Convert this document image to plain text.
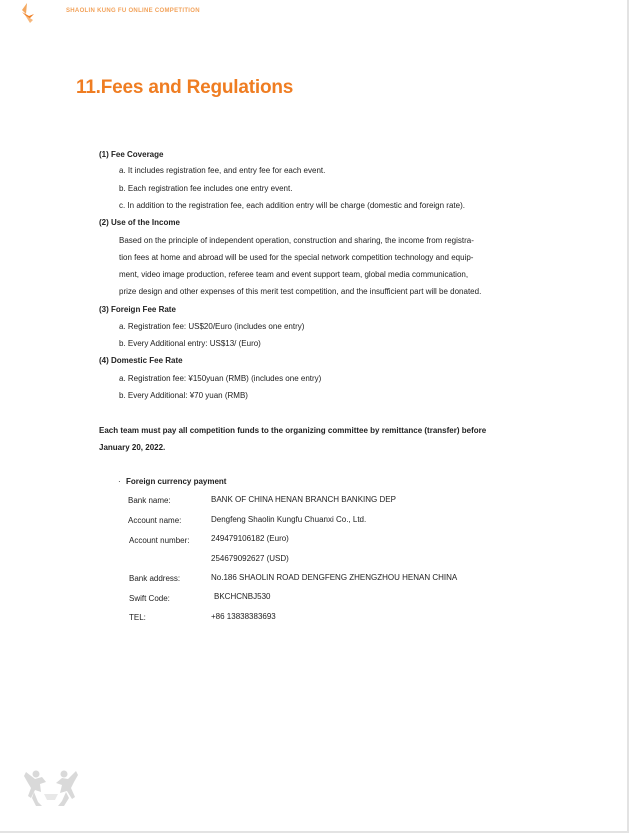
SHAOLIN KUNG FU ONLINE COMPETITION
11.Fees and Regulations
(1) Fee Coverage
a. It includes registration fee, and entry fee for each event.
b. Each registration fee includes one entry event.
c. In addition to the registration fee, each addition entry will be charge (domestic and foreign rate).
(2) Use of the Income
Based on the principle of independent operation, construction and sharing, the income from registra-
tion fees at home and abroad will be used for the special network competition technology and equip-
ment, video image production, referee team and event support team, global media communication,
prize design and other expenses of this merit test competition, and the insufficient part will be donated.
(3) Foreign Fee Rate
a. Registration fee: US$20/Euro (includes one entry)
b. Every Additional entry: US$13/ (Euro)
(4) Domestic Fee Rate
a. Registration fee: ¥150yuan (RMB) (includes one entry)
b. Every Additional: ¥70 yuan (RMB)
Each team must pay all competition funds to the organizing committee by remittance (transfer) before
January 20, 2022.
· Foreign currency payment
Bank name:	BANK OF CHINA HENAN BRANCH BANKING DEP
Account name:	Dengfeng Shaolin Kungfu Chuanxi Co., Ltd.
Account number:	249479106182 (Euro)
254679092627 (USD)
Bank address:	No.186 SHAOLIN ROAD DENGFENG ZHENGZHOU HENAN CHINA
Swift Code:	BKCHCNBJ530
TEL:	+86 13838383693
